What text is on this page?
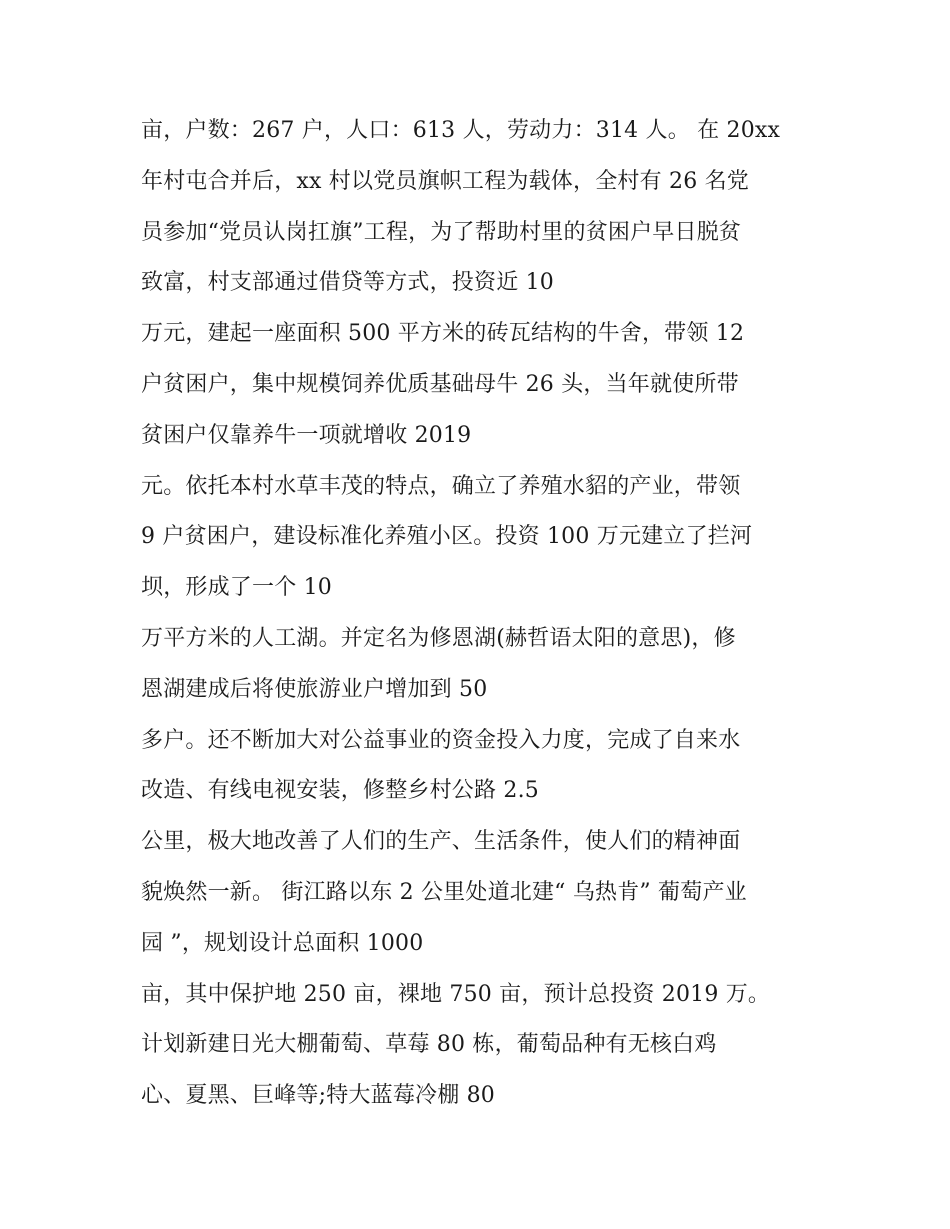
亩，户数：267 户，人口：613 人，劳动力：314 人。 在 20xx
年村屯合并后，xx 村以党员旗帜工程为载体，全村有 26 名党
员参加“党员认岗扛旗”工程，为了帮助村里的贫困户早日脱贫
致富，村支部通过借贷等方式，投资近 10
万元，建起一座面积 500 平方米的砖瓦结构的牛舍，带领 12
户贫困户，集中规模饲养优质基础母牛 26 头，当年就使所带
贫困户仅靠养牛一项就增收 2019
元。依托本村水草丰茂的特点，确立了养殖水貂的产业，带领
9 户贫困户，建设标准化养殖小区。投资 100 万元建立了拦河
坝，形成了一个 10
万平方米的人工湖。并定名为修恩湖(赫哲语太阳的意思)，修
恩湖建成后将使旅游业户增加到 50
多户。还不断加大对公益事业的资金投入力度，完成了自来水
改造、有线电视安装，修整乡村公路 2.5
公里，极大地改善了人们的生产、生活条件，使人们的精神面
貌焕然一新。 街江路以东 2 公里处道北建“ 乌热肯” 葡萄产业
园 ”，规划设计总面积 1000
亩，其中保护地 250 亩，裸地 750 亩，预计总投资 2019 万。
计划新建日光大棚葡萄、草莓 80 栋，葡萄品种有无核白鸡
心、夏黑、巨峰等;特大蓝莓冷棚 80
